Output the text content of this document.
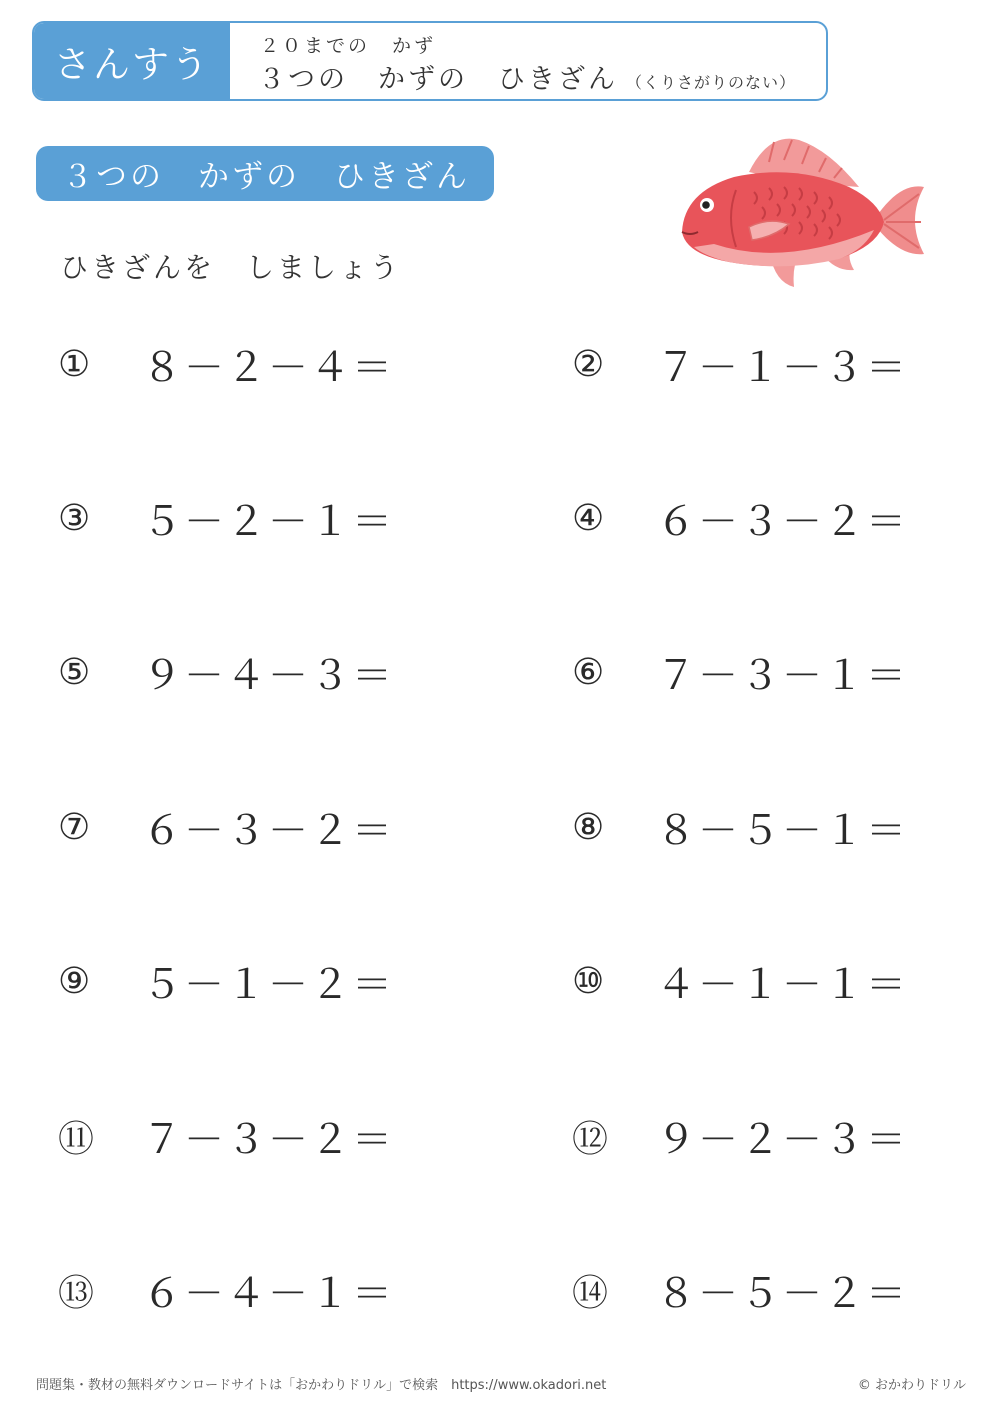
さんすう	２０までの　かず
３つの　かずの　ひきざん （くりさがりのない）
３つの　かずの　ひきざん
ひきざんを　しましょう
①	８－２－４＝	②	７－１－３＝
③	５－２－１＝	④	６－３－２＝
⑤	９－４－３＝	⑥	７－３－１＝
⑦	６－３－２＝	⑧	８－５－１＝
⑨	５－１－２＝	⑩	４－１－１＝
⑪	７－３－２＝	⑫	９－２－３＝
⑬	６－４－１＝	⑭	８－５－２＝
問題集・教材の無料ダウンロードサイトは「おかわりドリル」で検索　https://www.okadori.net	© おかわりドリル
